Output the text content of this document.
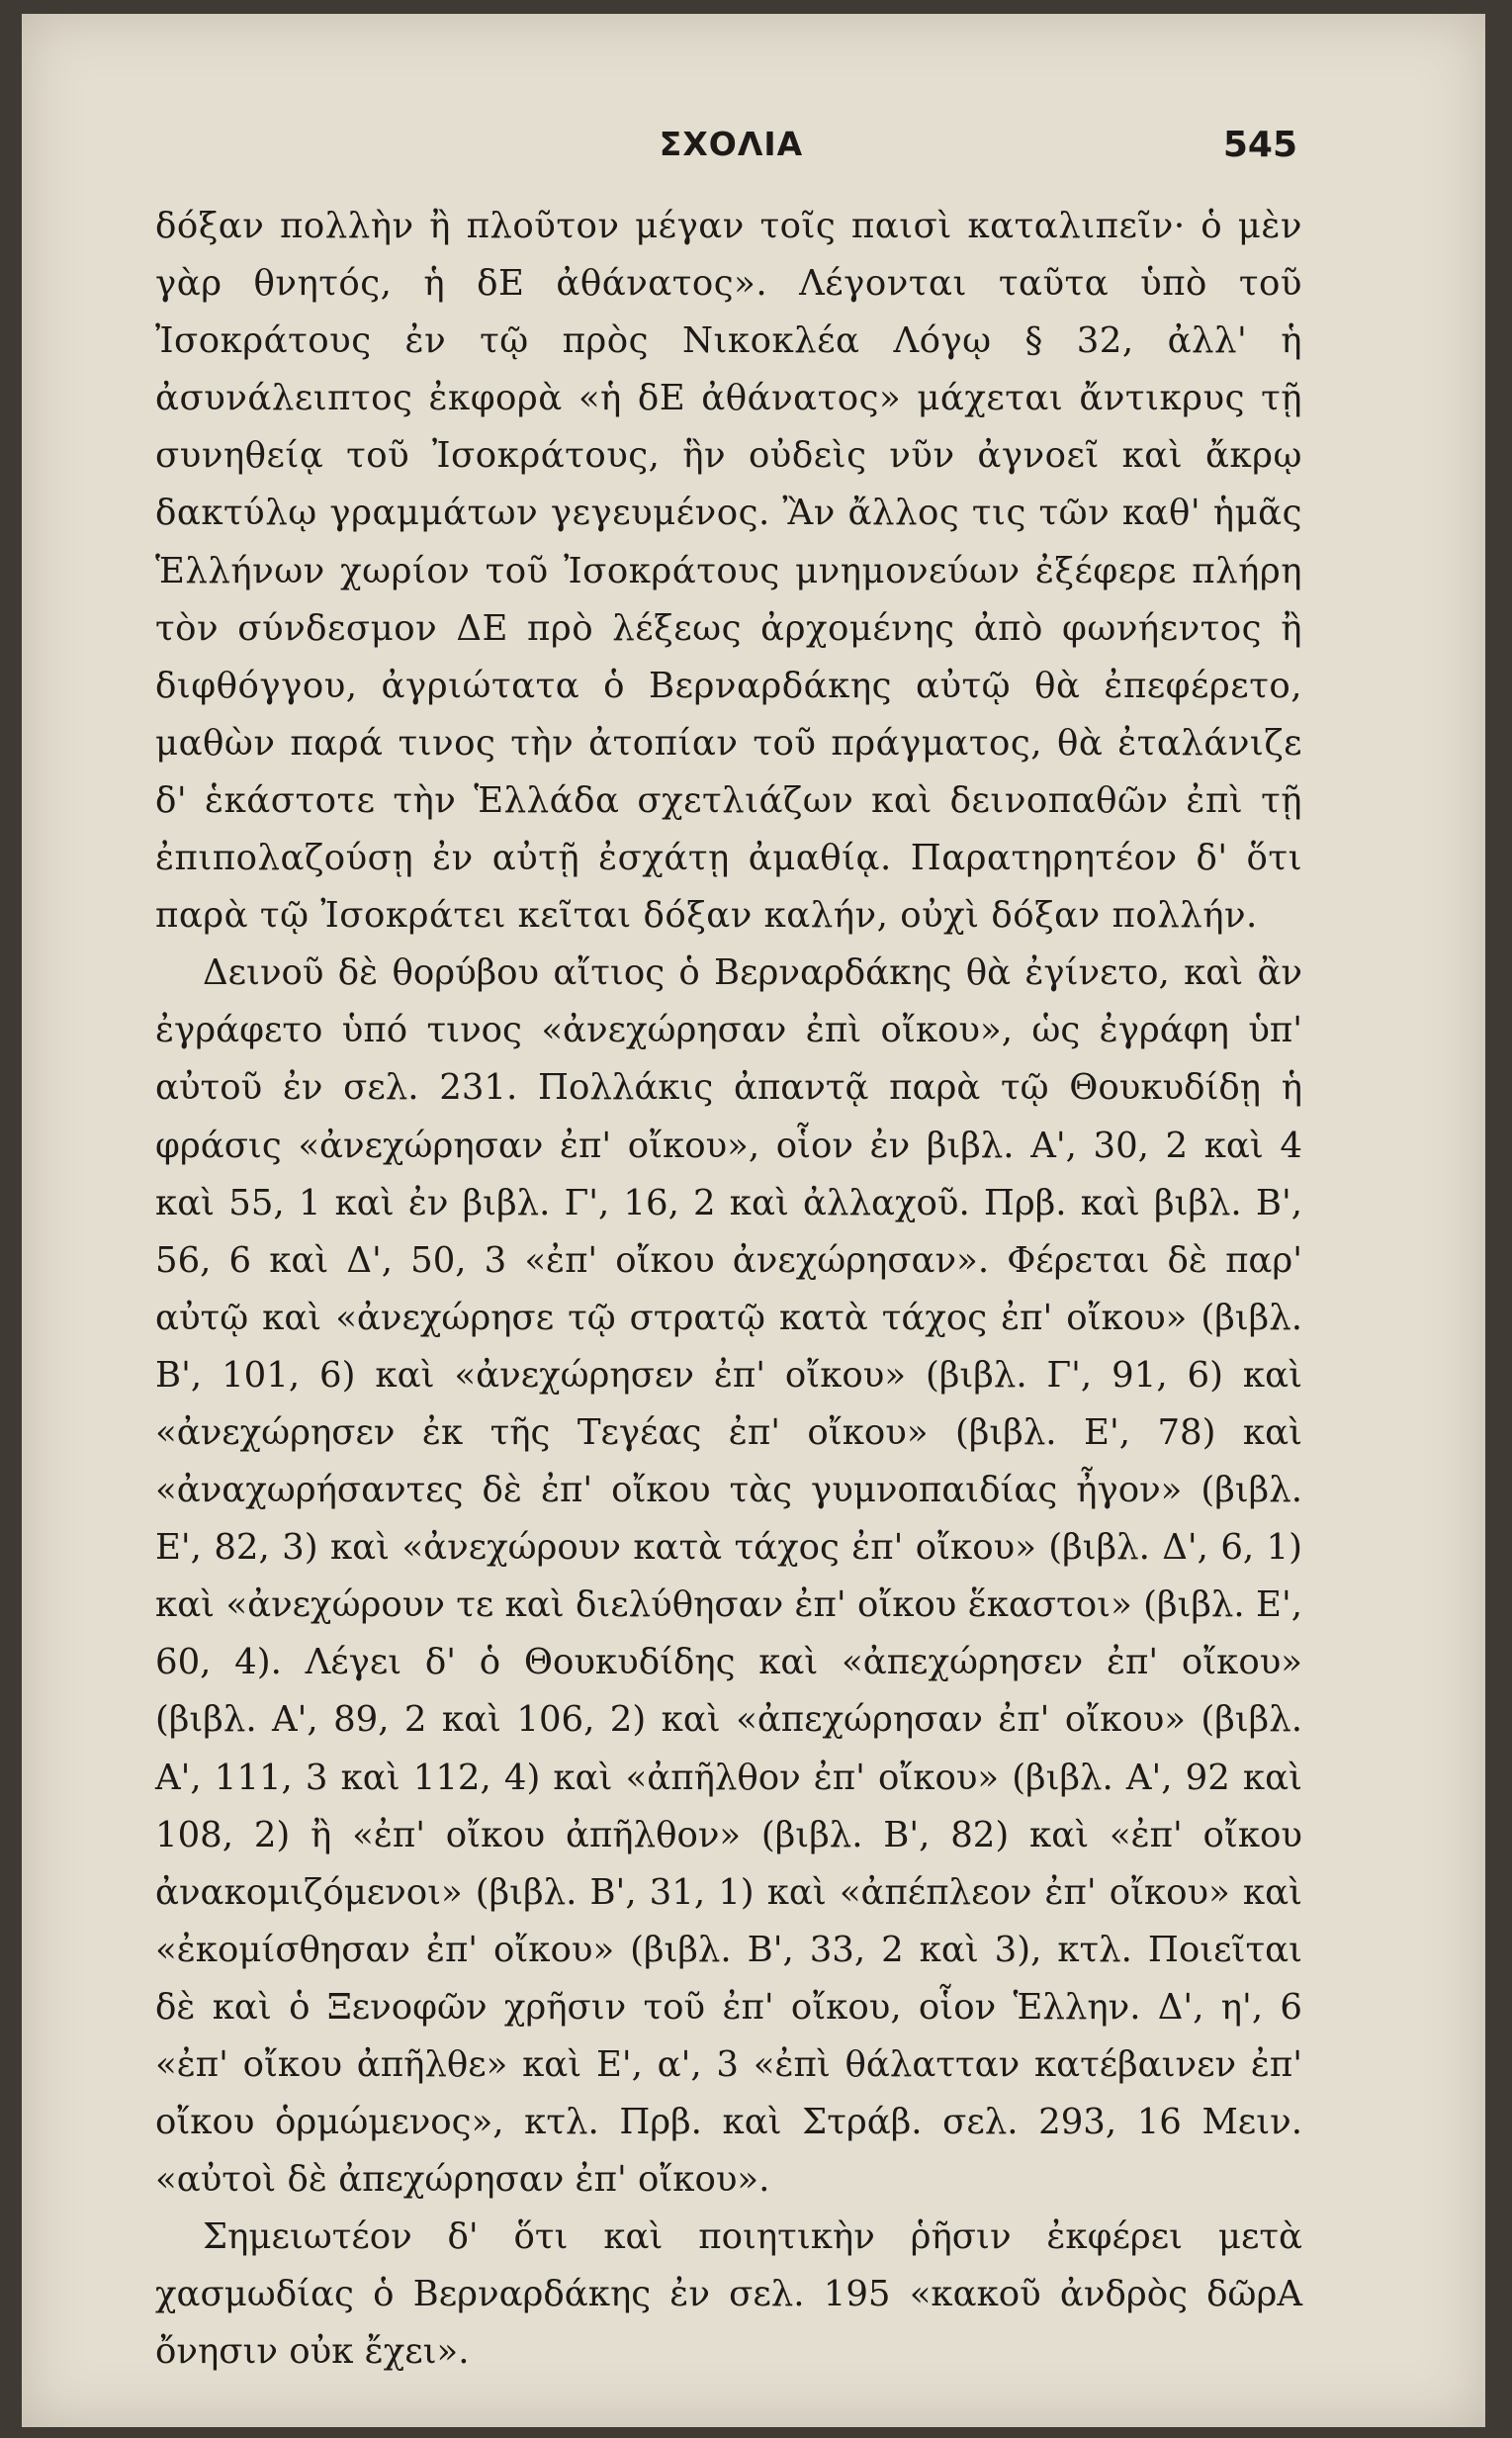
ΣΧΟΛΙΑ	545

δόξαν πολλὴν ἢ πλοῦτον μέγαν τοῖς παισὶ καταλιπεῖν· ὁ μὲν γὰρ θνητός, ἡ δΕ ἀθάνατος». Λέγονται ταῦτα ὑπὸ τοῦ Ἰσοκράτους ἐν τῷ πρὸς Νικοκλέα Λόγῳ § 32, ἀλλ' ἡ ἀσυνάλειπτος ἐκφορὰ «ἡ δΕ ἀθάνατος» μάχεται ἄντικρυς τῇ συνηθείᾳ τοῦ Ἰσοκράτους, ἣν οὐδεὶς νῦν ἀγνοεῖ καὶ ἄκρῳ δακτύλῳ γραμμάτων γεγευμένος. Ἂν ἄλλος τις τῶν καθ' ἡμᾶς Ἑλλήνων χωρίον τοῦ Ἰσοκράτους μνημονεύων ἐξέφερε πλήρη τὸν σύνδεσμον ΔΕ πρὸ λέξεως ἀρχομένης ἀπὸ φωνήεντος ἢ διφθόγγου, ἀγριώτατα ὁ Βερναρδάκης αὐτῷ θὰ ἐπεφέρετο, μαθὼν παρά τινος τὴν ἀτοπίαν τοῦ πράγματος, θὰ ἐταλάνιζε δ' ἑκάστοτε τὴν Ἑλλάδα σχετλιάζων καὶ δεινοπαθῶν ἐπὶ τῇ ἐπιπολαζούσῃ ἐν αὐτῇ ἐσχάτῃ ἀμαθίᾳ. Παρατηρητέον δ' ὅτι παρὰ τῷ Ἰσοκράτει κεῖται δόξαν καλήν, οὐχὶ δόξαν πολλήν.

Δεινοῦ δὲ θορύβου αἴτιος ὁ Βερναρδάκης θὰ ἐγίνετο, καὶ ἂν ἐγράφετο ὑπό τινος «ἀνεχώρησαν ἐπὶ οἴκου», ὡς ἐγράφη ὑπ' αὐτοῦ ἐν σελ. 231. Πολλάκις ἀπαντᾷ παρὰ τῷ Θουκυδίδῃ ἡ φράσις «ἀνεχώρησαν ἐπ' οἴκου», οἷον ἐν βιβλ. Α', 30, 2 καὶ 4 καὶ 55, 1 καὶ ἐν βιβλ. Γ', 16, 2 καὶ ἀλλαχοῦ. Πρβ. καὶ βιβλ. Β', 56, 6 καὶ Δ', 50, 3 «ἐπ' οἴκου ἀνεχώρησαν». Φέρεται δὲ παρ' αὐτῷ καὶ «ἀνεχώρησε τῷ στρατῷ κατὰ τάχος ἐπ' οἴκου» (βιβλ. Β', 101, 6) καὶ «ἀνεχώρησεν ἐπ' οἴκου» (βιβλ. Γ', 91, 6) καὶ «ἀνεχώρησεν ἐκ τῆς Τεγέας ἐπ' οἴκου» (βιβλ. Ε', 78) καὶ «ἀναχωρήσαντες δὲ ἐπ' οἴκου τὰς γυμνοπαιδίας ἦγον» (βιβλ. Ε', 82, 3) καὶ «ἀνεχώρουν κατὰ τάχος ἐπ' οἴκου» (βιβλ. Δ', 6, 1) καὶ «ἀνεχώρουν τε καὶ διελύθησαν ἐπ' οἴκου ἕκαστοι» (βιβλ. Ε', 60, 4). Λέγει δ' ὁ Θουκυδίδης καὶ «ἀπεχώρησεν ἐπ' οἴκου» (βιβλ. Α', 89, 2 καὶ 106, 2) καὶ «ἀπεχώρησαν ἐπ' οἴκου» (βιβλ. Α', 111, 3 καὶ 112, 4) καὶ «ἀπῆλθον ἐπ' οἴκου» (βιβλ. Α', 92 καὶ 108, 2) ἢ «ἐπ' οἴκου ἀπῆλθον» (βιβλ. Β', 82) καὶ «ἐπ' οἴκου ἀνακομιζόμενοι» (βιβλ. Β', 31, 1) καὶ «ἀπέπλεον ἐπ' οἴκου» καὶ «ἐκομίσθησαν ἐπ' οἴκου» (βιβλ. Β', 33, 2 καὶ 3), κτλ. Ποιεῖται δὲ καὶ ὁ Ξενοφῶν χρῆσιν τοῦ ἐπ' οἴκου, οἷον Ἑλλην. Δ', η', 6 «ἐπ' οἴκου ἀπῆλθε» καὶ Ε', α', 3 «ἐπὶ θάλατταν κατέβαινεν ἐπ' οἴκου ὁρμώμενος», κτλ. Πρβ. καὶ Στράβ. σελ. 293, 16 Μειν. «αὐτοὶ δὲ ἀπεχώρησαν ἐπ' οἴκου».

Σημειωτέον δ' ὅτι καὶ ποιητικὴν ῥῆσιν ἐκφέρει μετὰ χασμωδίας ὁ Βερναρδάκης ἐν σελ. 195 «κακοῦ ἀνδρὸς δῶρΑ ὄνησιν οὐκ ἔχει».
